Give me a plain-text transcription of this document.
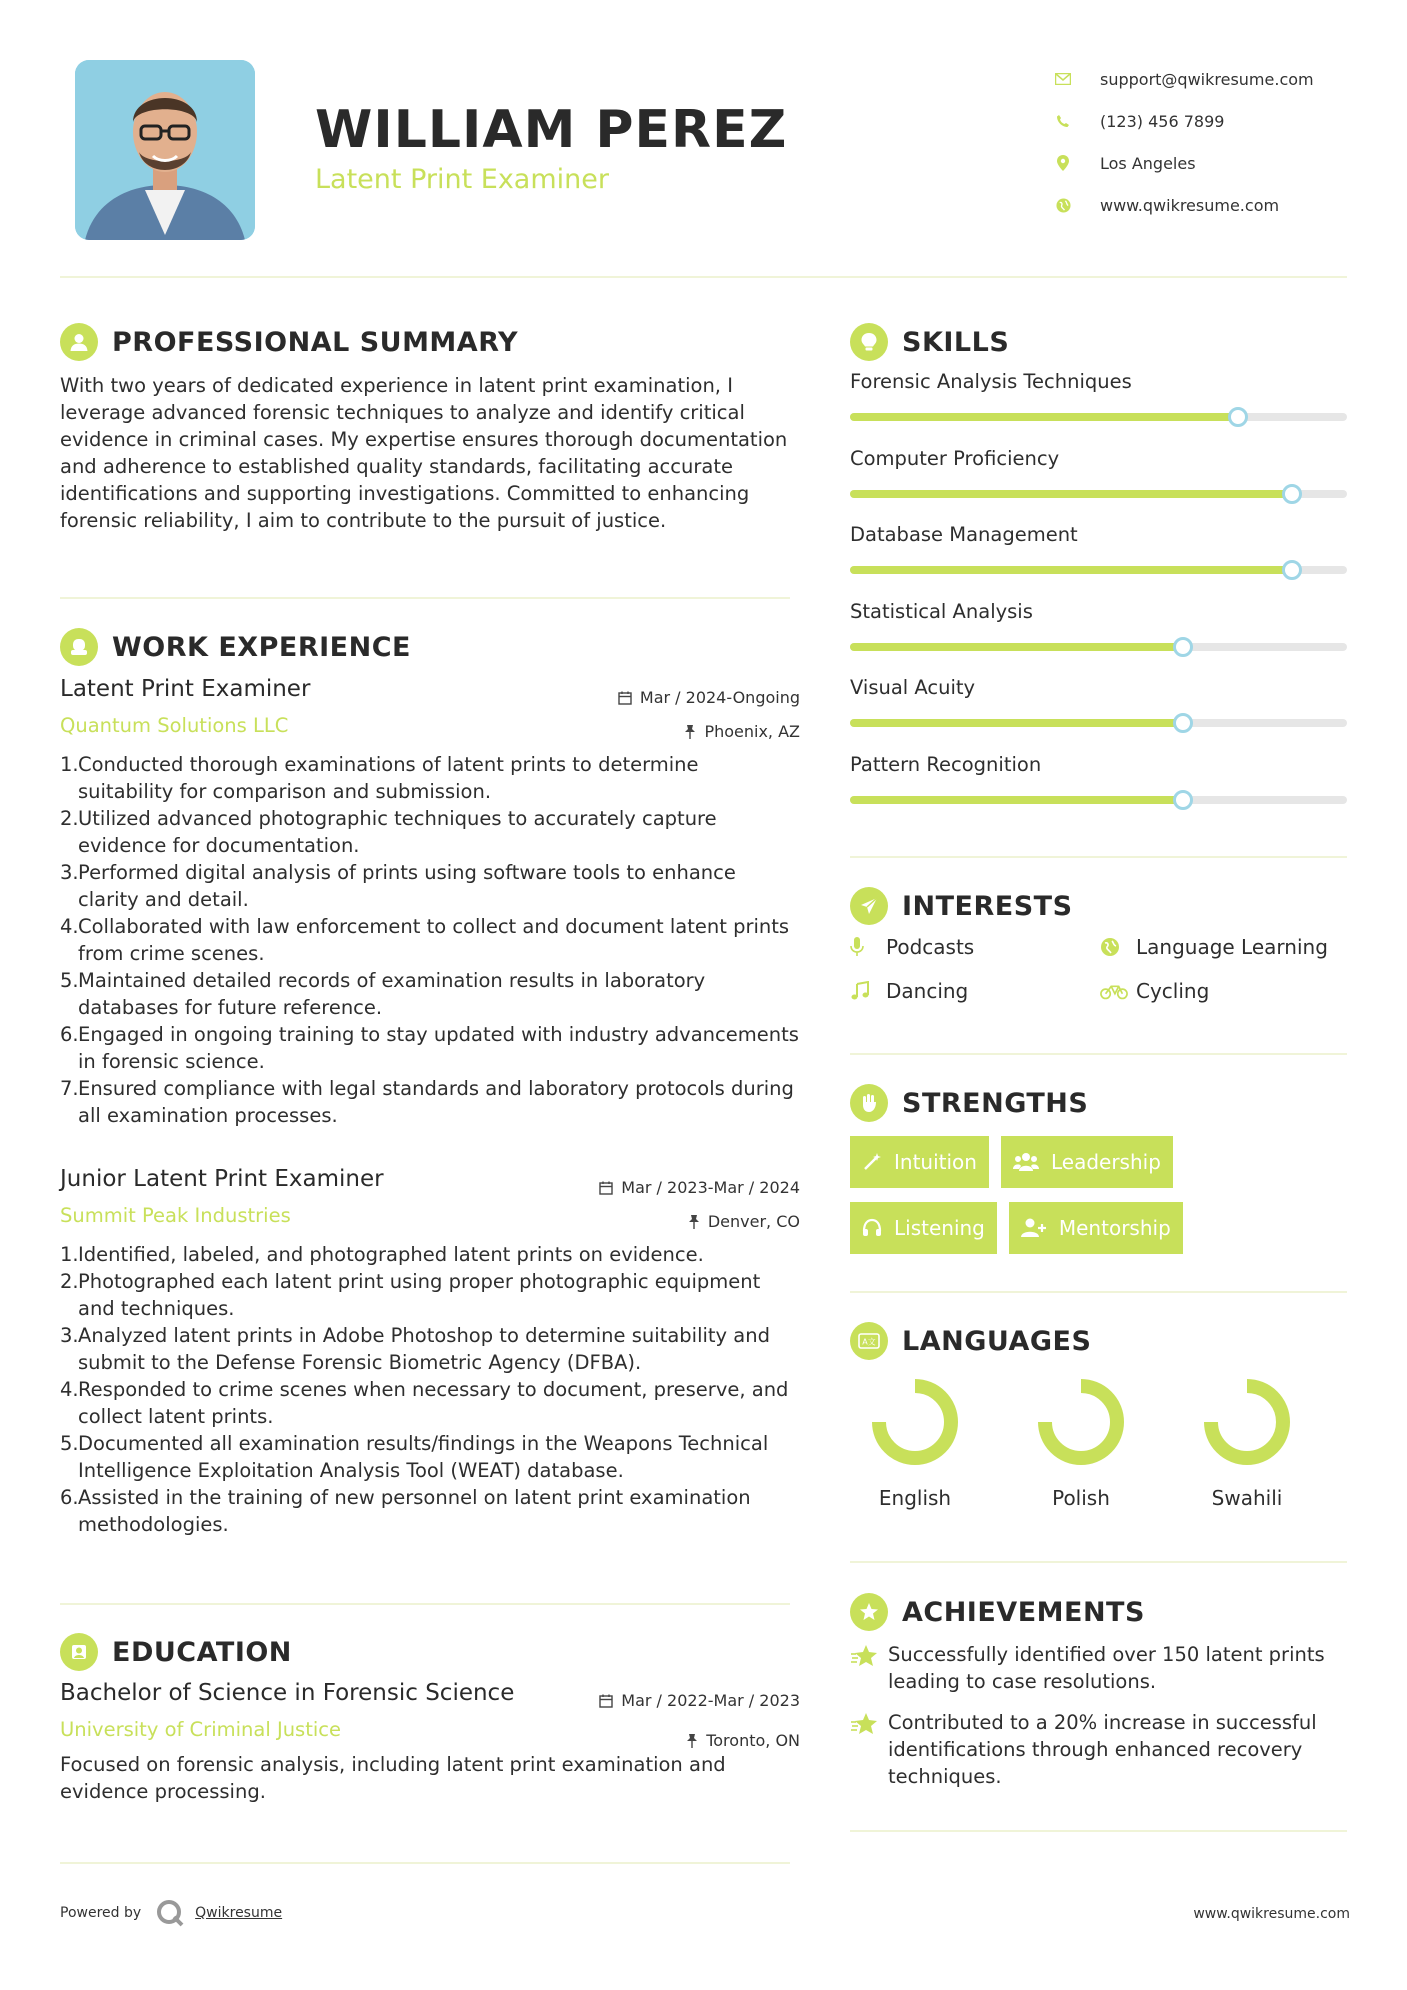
WILLIAM PEREZ
Latent Print Examiner
support@qwikresume.com
(123) 456 7899
Los Angeles
www.qwikresume.com
PROFESSIONAL SUMMARY
With two years of dedicated experience in latent print examination, I leverage advanced forensic techniques to analyze and identify critical evidence in criminal cases. My expertise ensures thorough documentation and adherence to established quality standards, facilitating accurate identifications and supporting investigations. Committed to enhancing forensic reliability, I aim to contribute to the pursuit of justice.
WORK EXPERIENCE
Latent Print Examiner
Quantum Solutions LLC
Mar / 2024-Ongoing
Phoenix, AZ
1.Conducted thorough examinations of latent prints to determine suitability for comparison and submission.
2.Utilized advanced photographic techniques to accurately capture evidence for documentation.
3.Performed digital analysis of prints using software tools to enhance clarity and detail.
4.Collaborated with law enforcement to collect and document latent prints from crime scenes.
5.Maintained detailed records of examination results in laboratory databases for future reference.
6.Engaged in ongoing training to stay updated with industry advancements in forensic science.
7.Ensured compliance with legal standards and laboratory protocols during all examination processes.
Junior Latent Print Examiner
Summit Peak Industries
Mar / 2023-Mar / 2024
Denver, CO
1.Identified, labeled, and photographed latent prints on evidence.
2.Photographed each latent print using proper photographic equipment and techniques.
3.Analyzed latent prints in Adobe Photoshop to determine suitability and submit to the Defense Forensic Biometric Agency (DFBA).
4.Responded to crime scenes when necessary to document, preserve, and collect latent prints.
5.Documented all examination results/findings in the Weapons Technical Intelligence Exploitation Analysis Tool (WEAT) database.
6.Assisted in the training of new personnel on latent print examination methodologies.
EDUCATION
Bachelor of Science in Forensic Science
University of Criminal Justice
Mar / 2022-Mar / 2023
Toronto, ON
Focused on forensic analysis, including latent print examination and evidence processing.
SKILLS
Forensic Analysis Techniques
Computer Proficiency
Database Management
Statistical Analysis
Visual Acuity
Pattern Recognition
INTERESTS
Podcasts	Language Learning
Dancing	Cycling
STRENGTHS
Intuition	Leadership

Listening	Mentorship
A文 LANGUAGES
English	Polish	Swahili
ACHIEVEMENTS
Successfully identified over 150 latent prints leading to case resolutions.
Contributed to a 20% increase in successful identifications through enhanced recovery techniques.
Powered by	Qwikresume	www.qwikresume.com
